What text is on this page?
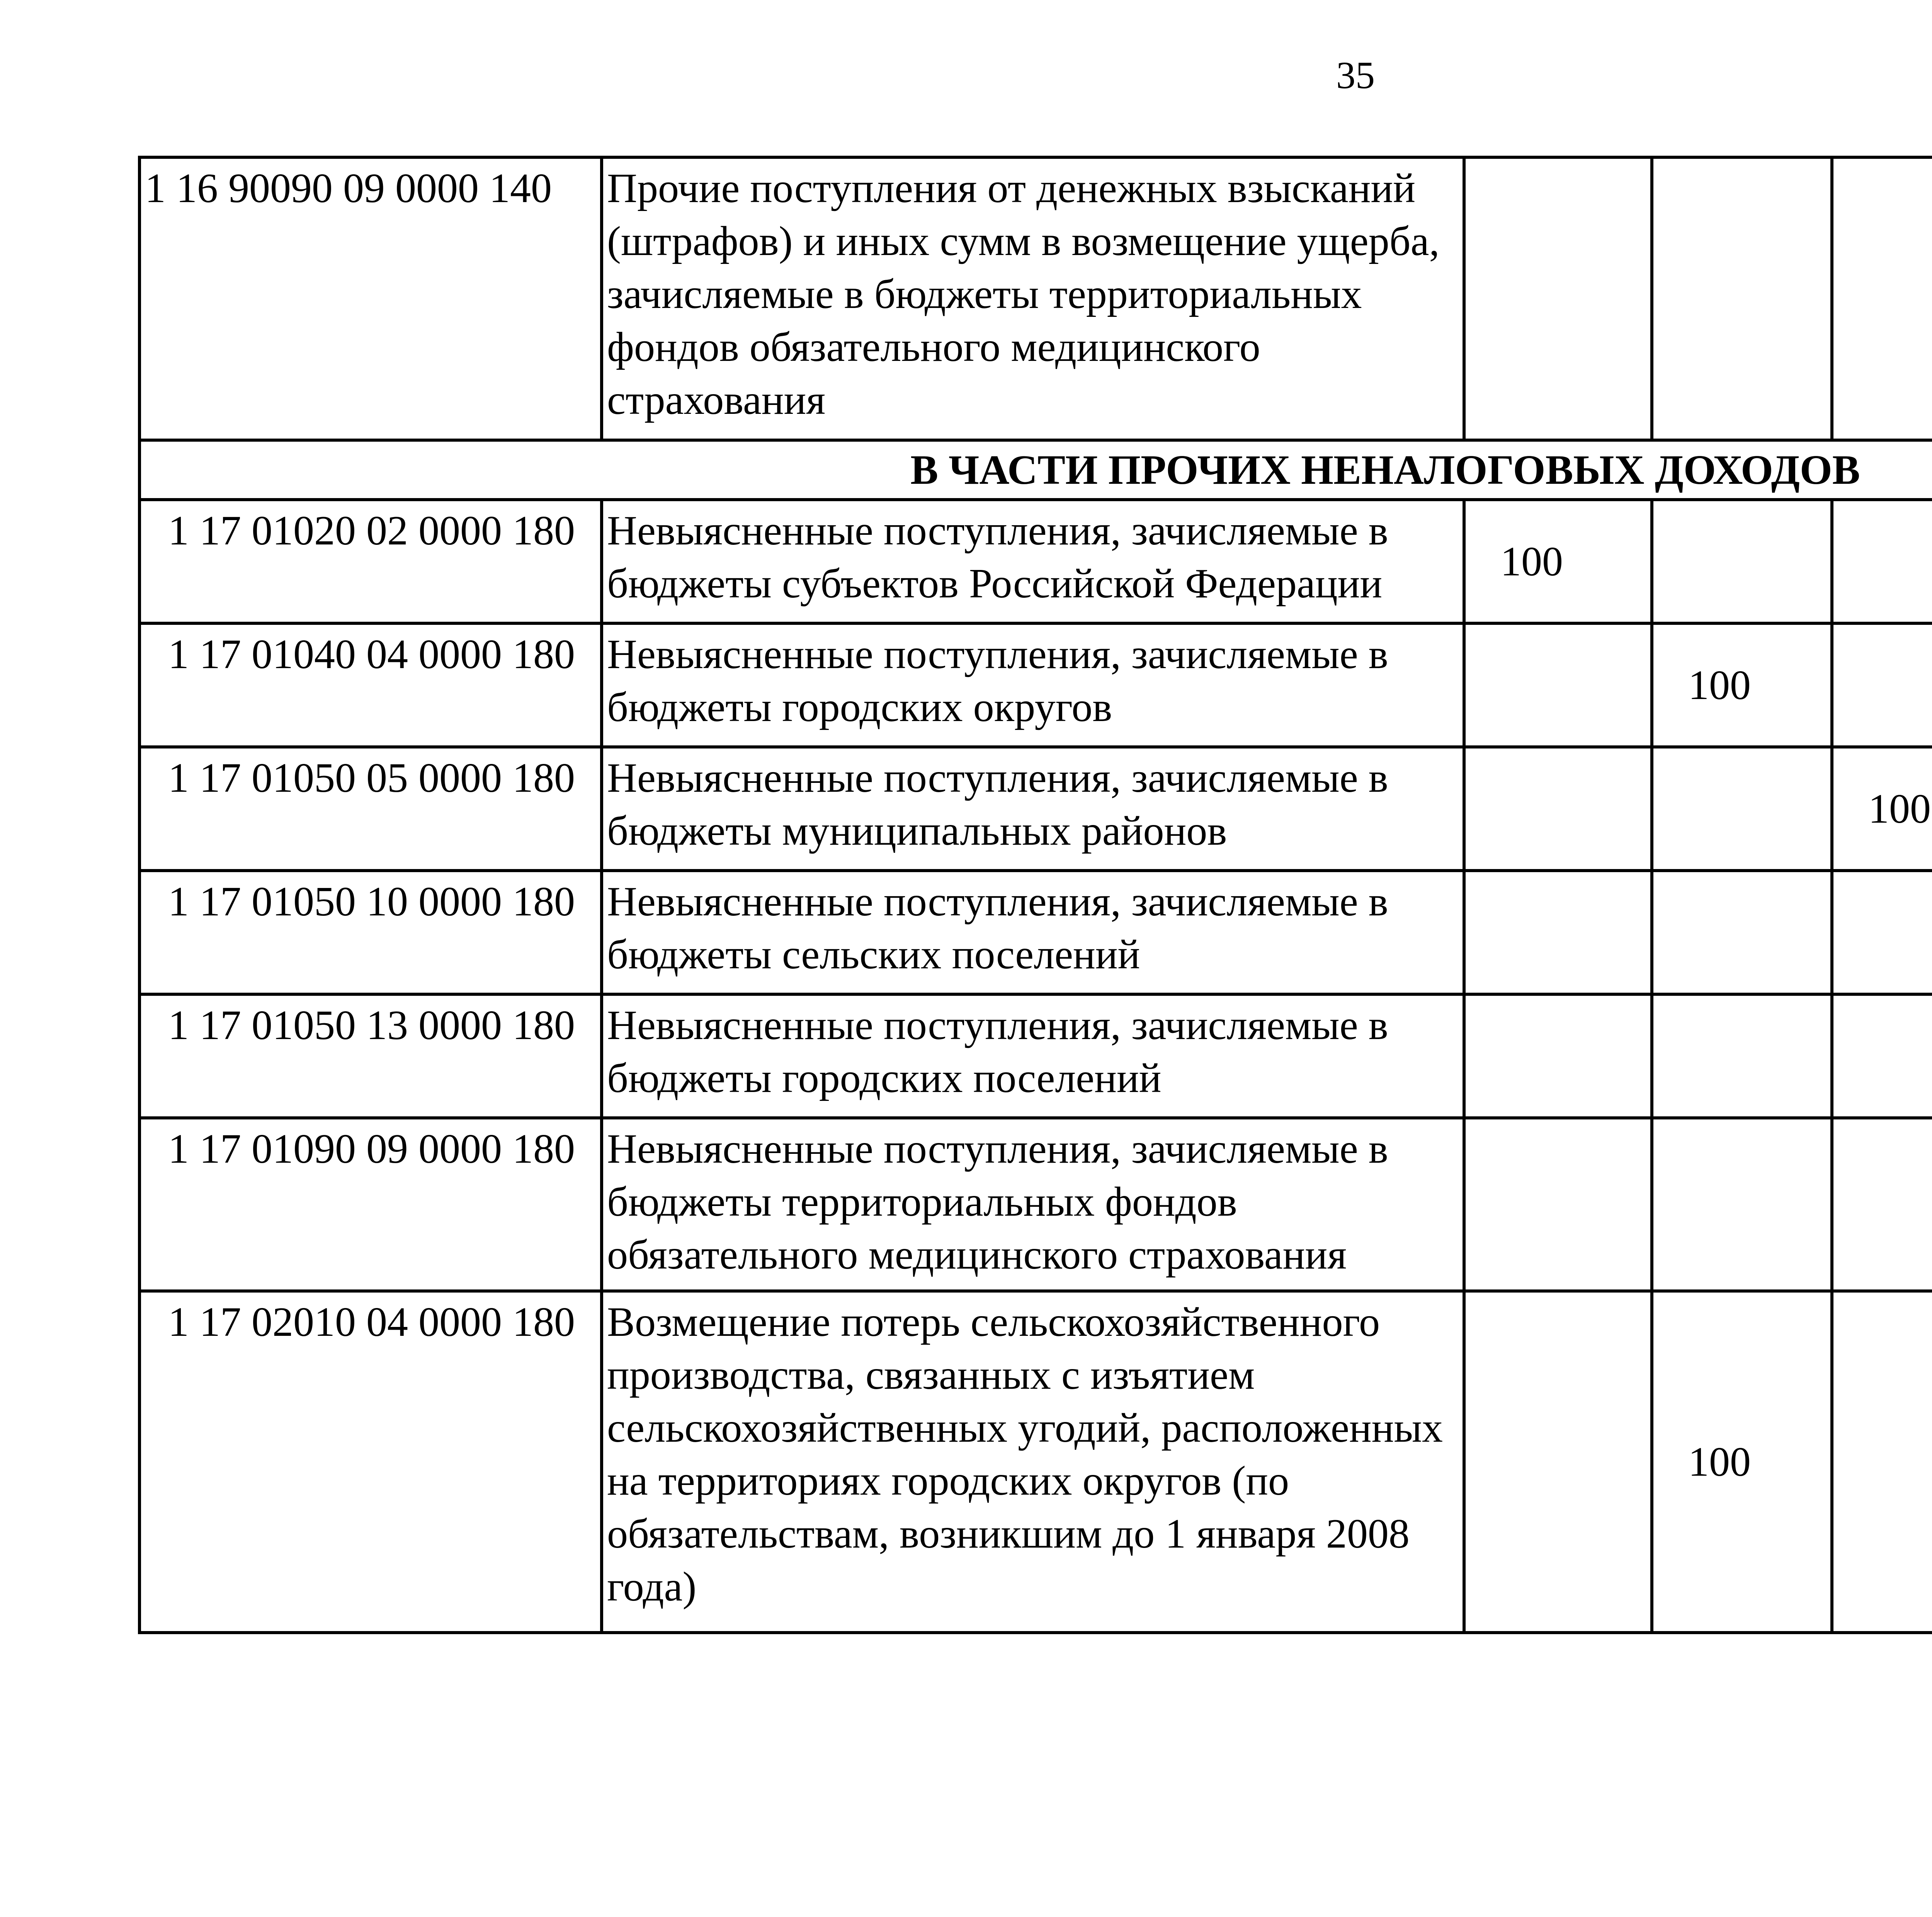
35
1 16 90090 09 0000 140	Прочие поступления от денежных взысканий (штрафов) и иных сумм в возмещение ущерба, зачисляемые в бюджеты территориальных фондов обязательного медицинского страхования					
В ЧАСТИ ПРОЧИХ НЕНАЛОГОВЫХ ДОХОДОВ						
1 17 01020 02 0000 180	Невыясненные поступления, зачисляемые в бюджеты субъектов Российской Федерации	100				
1 17 01040 04 0000 180	Невыясненные поступления, зачисляемые в бюджеты городских округов		100			
1 17 01050 05 0000 180	Невыясненные поступления, зачисляемые в бюджеты муниципальных районов			100		
1 17 01050 10 0000 180	Невыясненные поступления, зачисляемые в бюджеты сельских поселений					
1 17 01050 13 0000 180	Невыясненные поступления, зачисляемые в бюджеты городских поселений					
1 17 01090 09 0000 180	Невыясненные поступления, зачисляемые в бюджеты территориальных фондов обязательного медицинского страхования					
1 17 02010 04 0000 180	Возмещение потерь сельскохозяйственного производства, связанных с изъятием сельскохозяйственных угодий, расположенных на территориях городских округов (по обязательствам, возникшим до 1 января 2008 года)		100			
